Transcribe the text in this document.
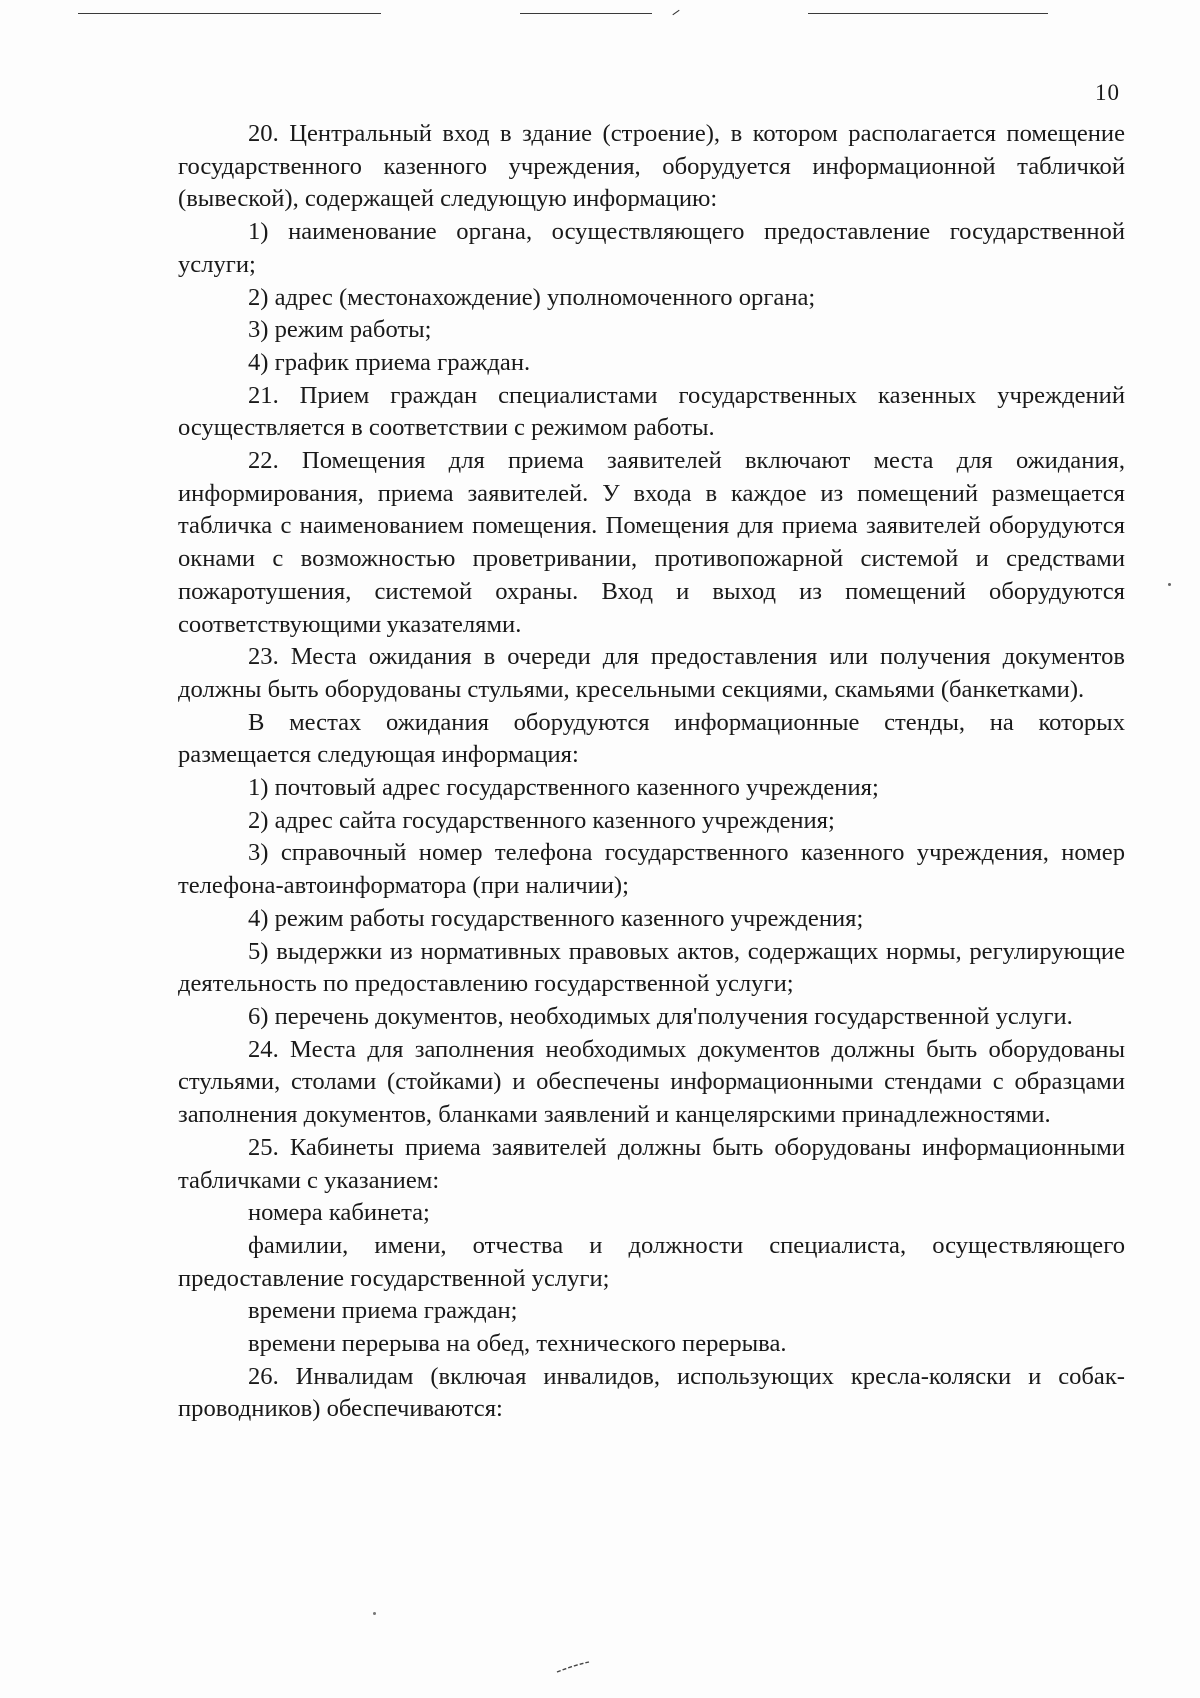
10

20. Центральный вход в здание (строение), в котором располагается помещение государственного казенного учреждения, оборудуется информационной табличкой (вывеской), содержащей следующую информацию:

1) наименование органа, осуществляющего предоставление государственной услуги;

2) адрес (местонахождение) уполномоченного органа;

3) режим работы;

4) график приема граждан.

21. Прием граждан специалистами государственных казенных учреждений осуществляется в соответствии с режимом работы.

22. Помещения для приема заявителей включают места для ожидания, информирования, приема заявителей. У входа в каждое из помещений размещается табличка с наименованием помещения. Помещения для приема заявителей оборудуются окнами с возможностью проветривании, противопожарной системой и средствами пожаротушения, системой охраны. Вход и выход из помещений оборудуются соответствующими указателями.

23. Места ожидания в очереди для предоставления или получения документов должны быть оборудованы стульями, кресельными секциями, скамьями (банкетками).

В местах ожидания оборудуются информационные стенды, на которых размещается следующая информация:

1) почтовый адрес государственного казенного учреждения;

2) адрес сайта государственного казенного учреждения;

3) справочный номер телефона государственного казенного учреждения, номер телефона-автоинформатора (при наличии);

4) режим работы государственного казенного учреждения;

5) выдержки из нормативных правовых актов, содержащих нормы, регулирующие деятельность по предоставлению государственной услуги;

6) перечень документов, необходимых для'получения государственной услуги.

24. Места для заполнения необходимых документов должны быть оборудованы стульями, столами (стойками) и обеспечены информационными стендами с образцами заполнения документов, бланками заявлений и канцелярскими принадлежностями.

25. Кабинеты приема заявителей должны быть оборудованы информационными табличками с указанием:

номера кабинета;

фамилии, имени, отчества и должности специалиста, осуществляющего предоставление государственной услуги;

времени приема граждан;

времени перерыва на обед, технического перерыва.

26. Инвалидам (включая инвалидов, использующих кресла-коляски и собак-проводников) обеспечиваются:
